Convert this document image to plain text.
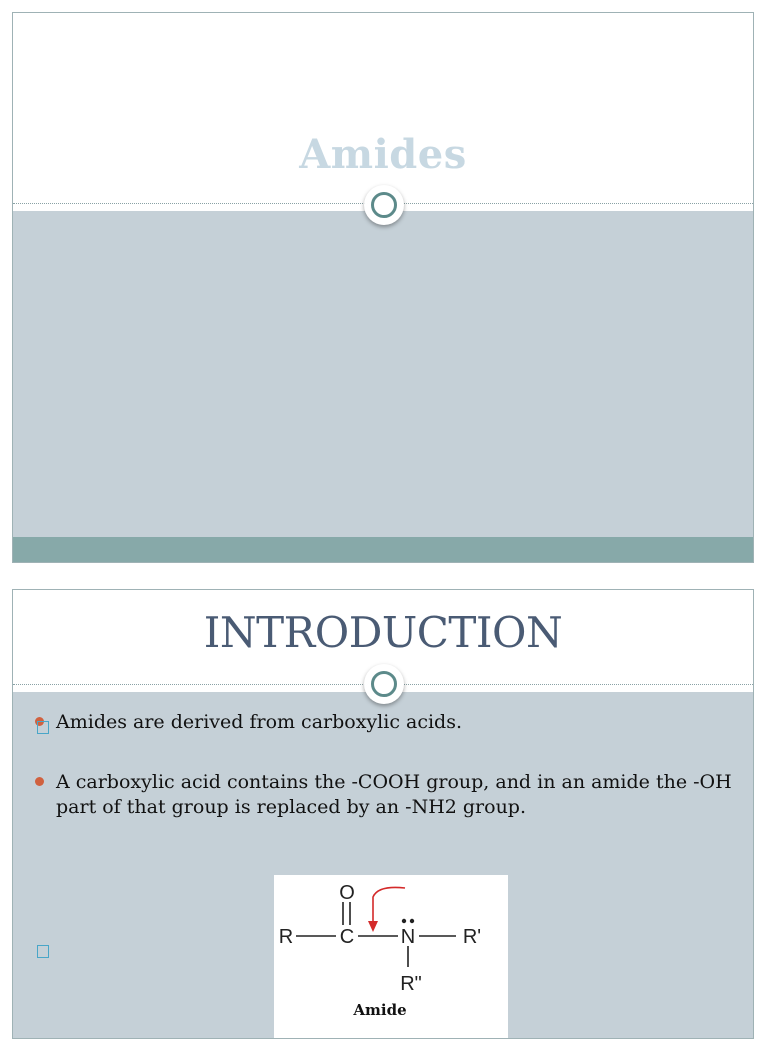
Amides
INTRODUCTION
Amides are derived from carboxylic acids.
A carboxylic acid contains the -COOH group, and in an amide the -OH part of that group is replaced by an -NH2 group.
O
R C N R'
R"
Amide
